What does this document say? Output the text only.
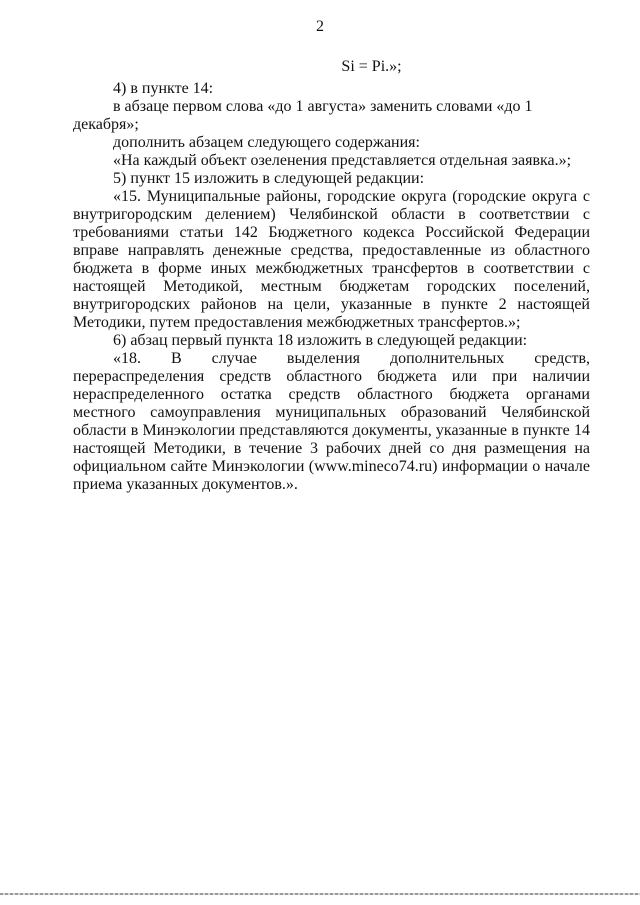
2
Si = Pi.»;

4) в пункте 14:

в абзаце первом слова «до 1 августа» заменить словами «до 1 декабря»;

дополнить абзацем следующего содержания:

«На каждый объект озеленения представляется отдельная заявка.»;

5) пункт 15 изложить в следующей редакции:

«15. Муниципальные районы, городские округа (городские округа с внутригородским делением) Челябинской области в соответствии с требованиями статьи 142 Бюджетного кодекса Российской Федерации вправе направлять денежные средства, предоставленные из областного бюджета в форме иных межбюджетных трансфертов в соответствии с настоящей Методикой, местным бюджетам городских поселений, внутригородских районов на цели, указанные в пункте 2 настоящей Методики, путем предоставления межбюджетных трансфертов.»;

6) абзац первый пункта 18 изложить в следующей редакции:

«18. В случае выделения дополнительных средств, перераспределения средств областного бюджета или при наличии нераспределенного остатка средств областного бюджета органами местного самоуправления муниципальных образований Челябинской области в Минэкологии представляются документы, указанные в пункте 14 настоящей Методики, в течение 3 рабочих дней со дня размещения на официальном сайте Минэкологии (www.mineco74.ru) информации о начале приема указанных документов.».
